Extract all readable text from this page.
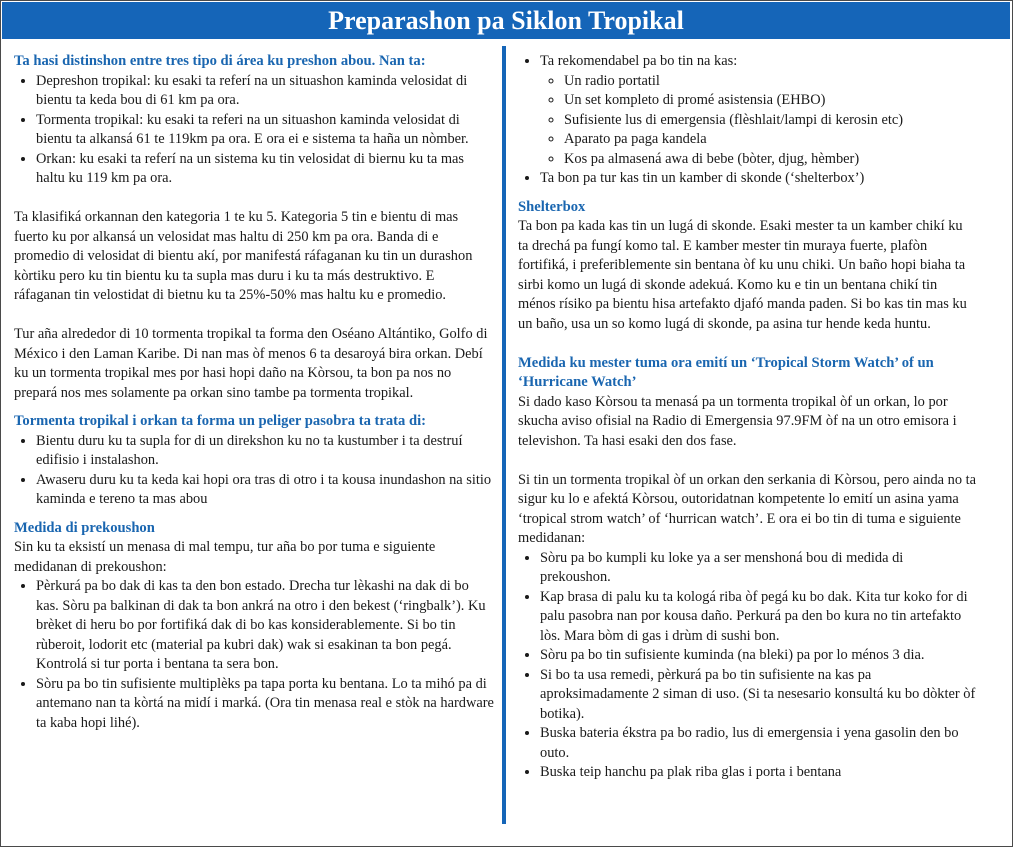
Preparashon pa Siklon Tropikal
Ta hasi distinshon entre tres tipo di área ku preshon abou. Nan ta:
• Depreshon tropikal: ku esaki ta referí na un situashon kaminda velosidat di bientu ta keda bou di 61 km pa ora.
• Tormenta tropikal: ku esaki ta referi na un situashon kaminda velosidat di bientu ta alkansá 61 te 119km pa ora. E ora ei e sistema ta haña un nòmber.
• Orkan: ku esaki ta referí na un sistema ku tin velosidat di biernu ku ta mas haltu ku 119 km pa ora.

Ta klasifiká orkannan den kategoria 1 te ku 5. Kategoria 5 tin e bientu di mas fuerto ku por alkansá un velosidat mas haltu di 250 km pa ora. Banda di e promedio di velosidat di bientu akí, por manifestá ráfaganan ku tin un durashon kòrtiku pero ku tin bientu ku ta supla mas duru i ku ta más destruktivo. E ráfaganan tin velostidat di bietnu ku ta 25%-50% mas haltu ku e promedio.

Tur aña alrededor di 10 tormenta tropikal ta forma den Oséano Altántiko, Golfo di México i den Laman Karibe. Di nan mas òf menos 6 ta desaroyá bira orkan. Debí ku un tormenta tropikal mes por hasi hopi daño na Kòrsou, ta bon pa nos no prepará nos mes solamente pa orkan sino tambe pa tormenta tropikal.

Tormenta tropikal i orkan ta forma un peliger pasobra ta trata di:
• Bientu duru ku ta supla for di un direkshon ku no ta kustumber i ta destruí edifisio i instalashon.
• Awaseru duru ku ta keda kai hopi ora tras di otro i ta kousa inundashon na sitio kaminda e tereno ta mas abou
Medida di prekoushon

Sin ku ta eksistí un menasa di mal tempu, tur aña bo por tuma e siguiente medidanan di prekoushon:

• Pèrkurá pa bo dak di kas ta den bon estado. Drecha tur lèkashi na dak di bo kas. Sòru pa balkinan di dak ta bon ankrá na otro i den bekest (‘ringbalk’). Ku brèket di heru bo por fortifiká dak di bo kas konsiderablemente. Si bo tin rùberoit, lodorit etc (material pa kubri dak) wak si esakinan ta bon pegá. Kontrolá si tur porta i bentana ta sera bon.
• Sòru pa bo tin sufisiente multiplèks pa tapa porta ku bentana. Lo ta mihó pa di antemano nan ta kòrtá na midí i marká. (Ora tin menasa real e stòk na hardware ta kaba hopi lihé).
• Ta rekomendabel pa bo tin na kas:
◦ Un radio portatil
◦ Un set kompleto di promé asistensia (EHBO)
◦ Sufisiente lus di emergensia (flèshlait/lampi di kerosin etc)
◦ Aparato pa paga kandela
◦ Kos pa almasená awa di bebe (bòter, djug, hèmber)
• Ta bon pa tur kas tin un kamber di skonde (‘shelterbox’)
Shelterbox

Ta bon pa kada kas tin un lugá di skonde. Esaki mester ta un kamber chikí ku ta drechá pa fungí komo tal. E kamber mester tin muraya fuerte, plafòn fortifiká, i preferiblemente sin bentana òf ku unu chiki. Un baño hopi biaha ta sirbi komo un lugá di skonde adekuá. Komo ku e tin un bentana chikí tin ménos rísiko pa bientu hisa artefakto djafó manda paden. Si bo kas tin mas ku un baño, usa un so komo lugá di skonde, pa asina tur hende keda huntu.

Medida ku mester tuma ora emití un ‘Tropical Storm Watch’ of un ‘Hurricane Watch’

Si dado kaso Kòrsou ta menasá pa un tormenta tropikal òf un orkan, lo por skucha aviso ofisial na Radio di Emergensia 97.9FM òf na un otro emisora i televishon. Ta hasi esaki den dos fase.

Si tin un tormenta tropikal òf un orkan den serkania di Kòrsou, pero ainda no ta sigur ku lo e afektá Kòrsou, outoridatnan kompetente lo emití un asina yama ‘tropical strom watch’ of ‘hurrican watch’. E ora ei bo tin di tuma e siguiente medidanan:

• Sòru pa bo kumpli ku loke ya a ser menshoná bou di medida di prekoushon.
• Kap brasa di palu ku ta kologá riba òf pegá ku bo dak. Kita tur koko for di palu pasobra nan por kousa daño. Perkurá pa den bo kura no tin artefakto lòs. Mara bòm di gas i drùm di sushi bon.
• Sòru pa bo tin sufisiente kuminda (na bleki) pa por lo ménos 3 dia.
• Si bo ta usa remedi, pèrkurá pa bo tin sufisiente na kas pa aproksimadamente 2 siman di uso. (Si ta nesesario konsultá ku bo dòkter òf botika).
• Buska bateria ékstra pa bo radio, lus di emergensia i yena gasolin den bo outo.
• Buska teip hanchu pa plak riba glas i porta i bentana
